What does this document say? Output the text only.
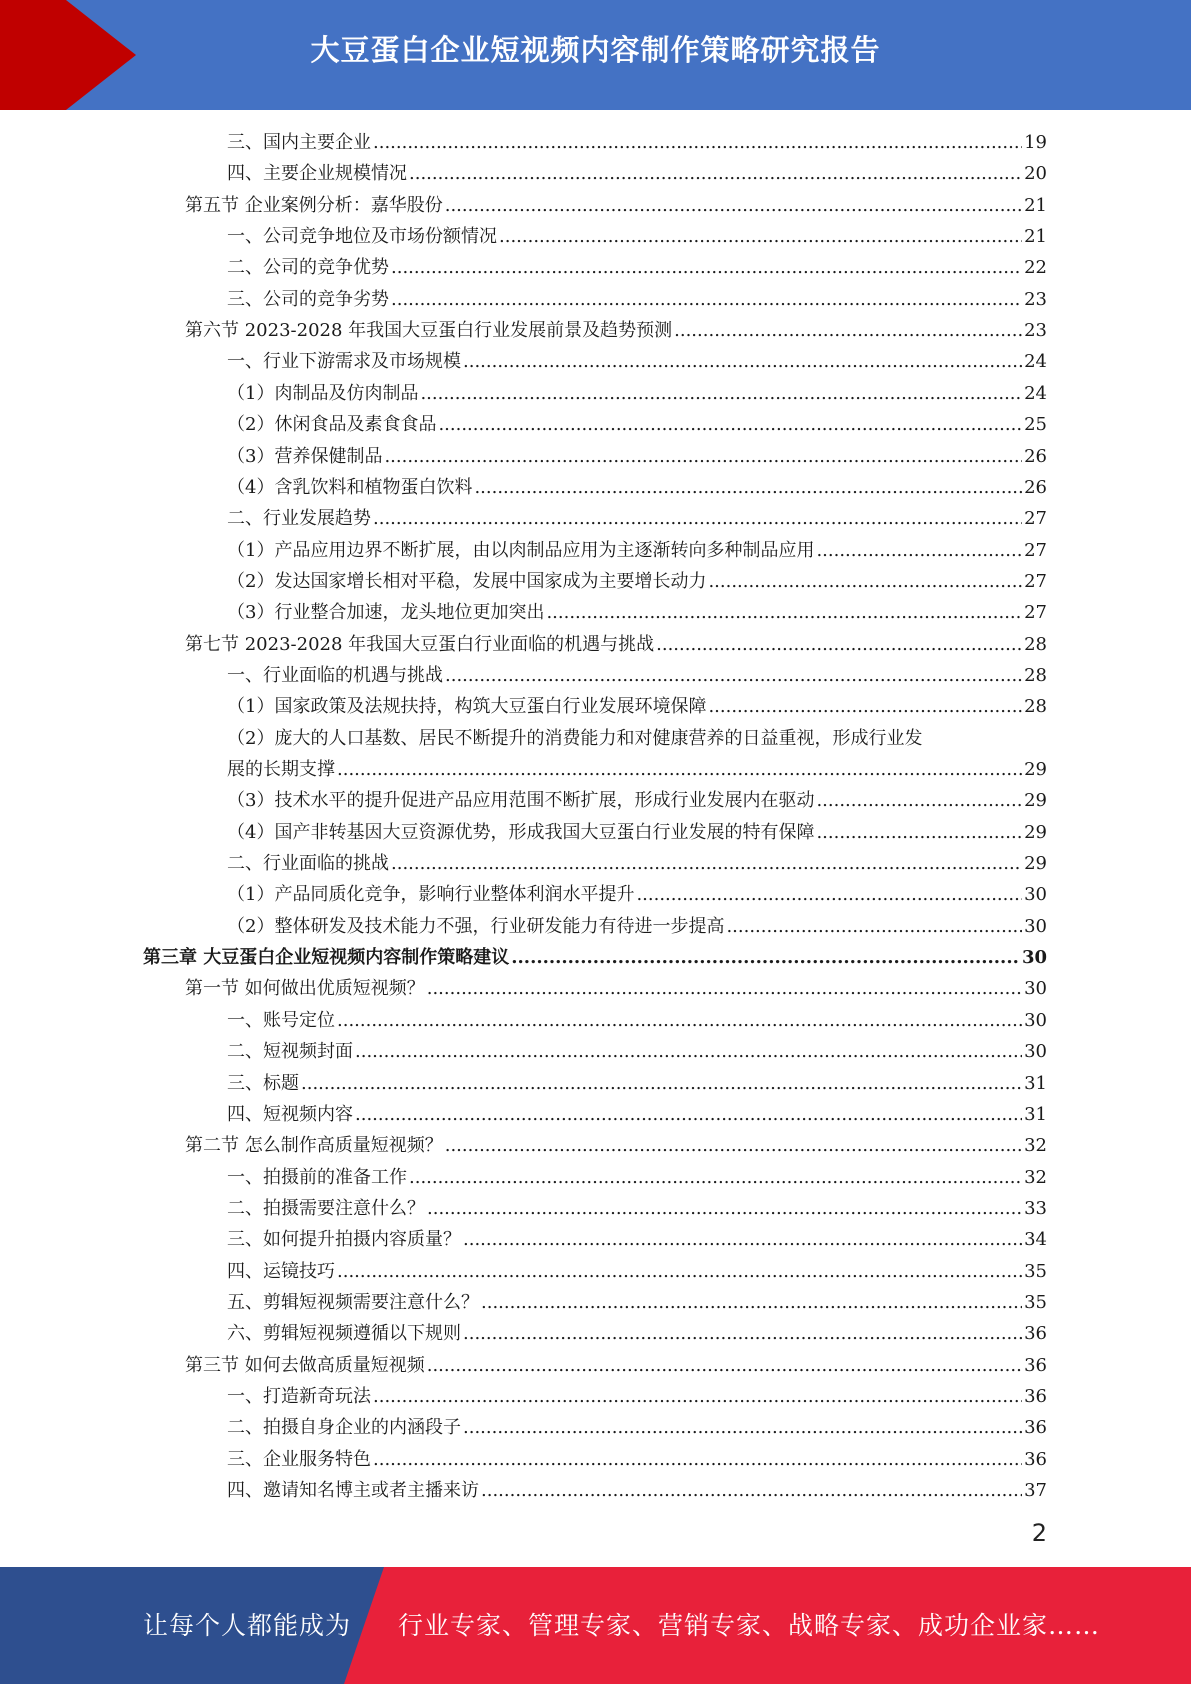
大豆蛋白企业短视频内容制作策略研究报告
三、国内主要企业 .....	19
四、主要企业规模情况 .....	20
第五节 企业案例分析：嘉华股份 .....	21
一、公司竞争地位及市场份额情况 .....	21
二、公司的竞争优势 .....	22
三、公司的竞争劣势 .....	23
第六节 2023-2028 年我国大豆蛋白行业发展前景及趋势预测 .....	23
一、行业下游需求及市场规模 .....	24
（1）肉制品及仿肉制品 .....	24
（2）休闲食品及素食食品 .....	25
（3）营养保健制品 .....	26
（4）含乳饮料和植物蛋白饮料 .....	26
二、行业发展趋势 .....	27
（1）产品应用边界不断扩展，由以肉制品应用为主逐渐转向多种制品应用 .....	27
（2）发达国家增长相对平稳，发展中国家成为主要增长动力 .....	27
（3）行业整合加速，龙头地位更加突出 .....	27
第七节 2023-2028 年我国大豆蛋白行业面临的机遇与挑战 .....	28
一、行业面临的机遇与挑战 .....	28
（1）国家政策及法规扶持，构筑大豆蛋白行业发展环境保障 .....	28
（2）庞大的人口基数、居民不断提升的消费能力和对健康营养的日益重视，形成行业发
展的长期支撑 .....	29
（3）技术水平的提升促进产品应用范围不断扩展，形成行业发展内在驱动 .....	29
（4）国产非转基因大豆资源优势，形成我国大豆蛋白行业发展的特有保障 .....	29
二、行业面临的挑战 .....	29
（1）产品同质化竞争，影响行业整体利润水平提升 .....	30
（2）整体研发及技术能力不强，行业研发能力有待进一步提高 .....	30
第三章 大豆蛋白企业短视频内容制作策略建议 .....	30
第一节 如何做出优质短视频？ .....	30
一、账号定位 .....	30
二、短视频封面 .....	30
三、标题 .....	31
四、短视频内容 .....	31
第二节 怎么制作高质量短视频？ .....	32
一、拍摄前的准备工作 .....	32
二、拍摄需要注意什么？ .....	33
三、如何提升拍摄内容质量？ .....	34
四、运镜技巧 .....	35
五、剪辑短视频需要注意什么？ .....	35
六、剪辑短视频遵循以下规则 .....	36
第三节 如何去做高质量短视频 .....	36
一、打造新奇玩法 .....	36
二、拍摄自身企业的内涵段子 .....	36
三、企业服务特色 .....	36
四、邀请知名博主或者主播来访 .....	37
2
让每个人都能成为 行业专家、管理专家、营销专家、战略专家、成功企业家……
